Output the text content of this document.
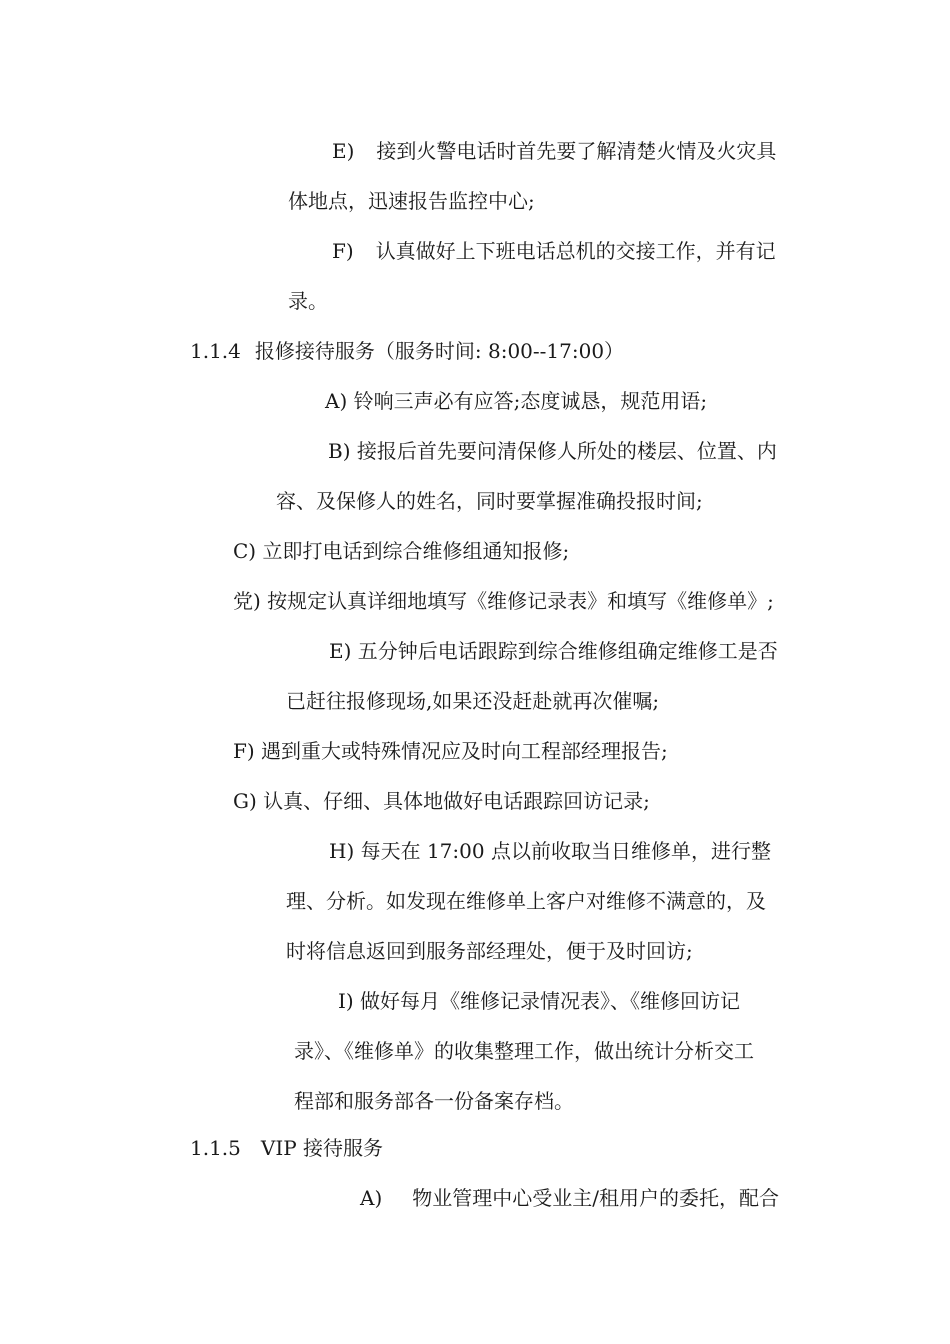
E) 接到火警电话时首先要了解清楚火情及火灾具
体地点，迅速报告监控中心;
F) 认真做好上下班电话总机的交接工作，并有记
录。
1.1.4 报修接待服务（服务时间: 8:00--17:00）
A) 铃响三声必有应答;态度诚恳，规范用语;
B) 接报后首先要问清保修人所处的楼层、位置、内
容、及保修人的姓名，同时要掌握准确投报时间;
C) 立即打电话到综合维修组通知报修;
党) 按规定认真详细地填写《维修记录表》和填写《维修单》;
E) 五分钟后电话跟踪到综合维修组确定维修工是否
已赶往报修现场,如果还没赶赴就再次催嘱;
F) 遇到重大或特殊情况应及时向工程部经理报告;
G) 认真、仔细、具体地做好电话跟踪回访记录;
H) 每天在 17:00 点以前收取当日维修单，进行整
理、分析。如发现在维修单上客户对维修不满意的，及
时将信息返回到服务部经理处，便于及时回访;
I) 做好每月《维修记录情况表》、《维修回访记
录》、《维修单》的收集整理工作，做出统计分析交工
程部和服务部各一份备案存档。
1.1.5 VIP 接待服务
A) 物业管理中心受业主/租用户的委托，配合
